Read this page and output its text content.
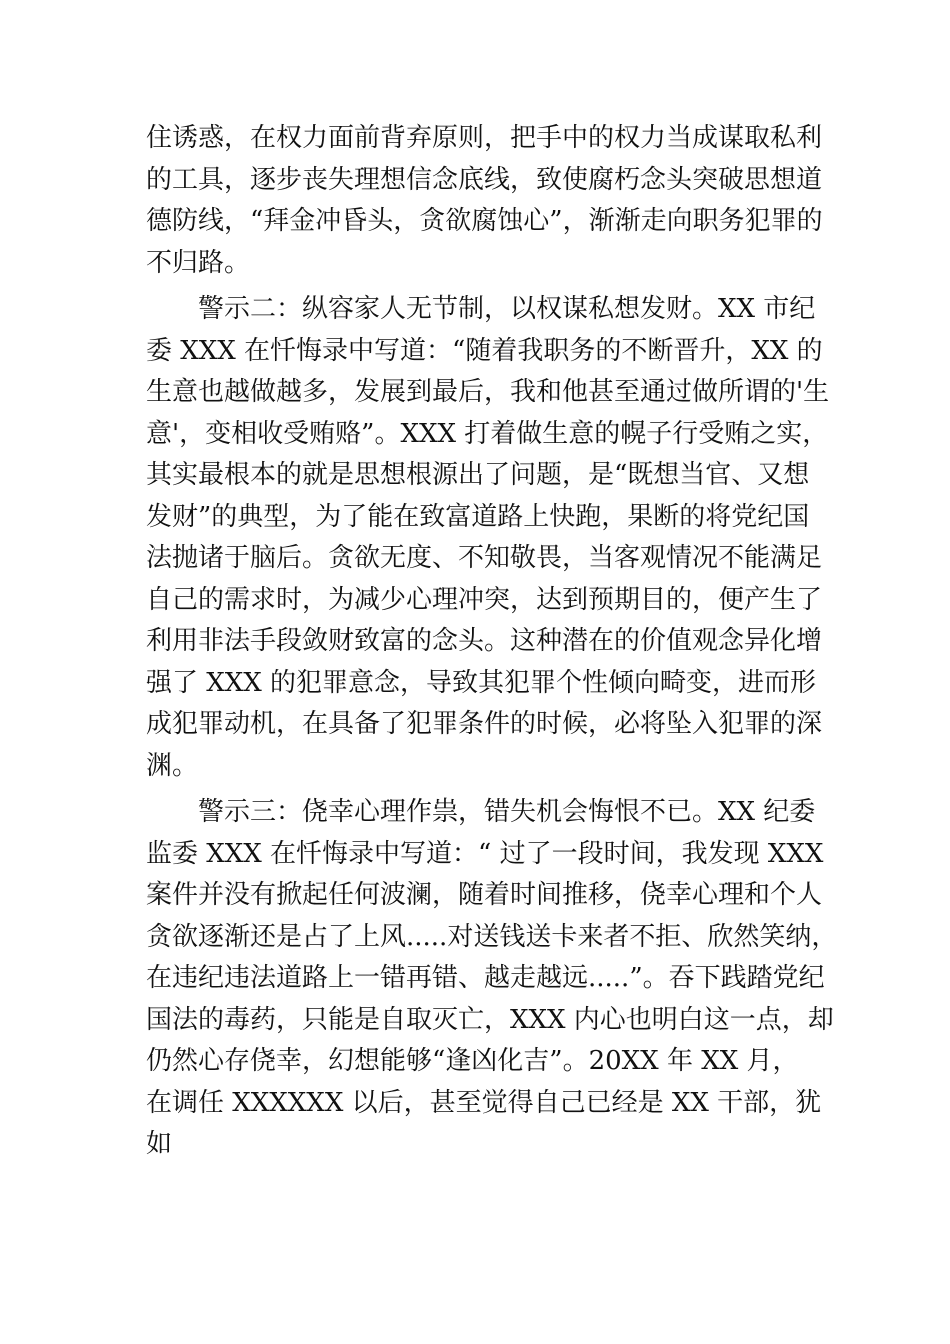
住诱惑，在权力面前背弃原则，把手中的权力当成谋取私利
的工具，逐步丧失理想信念底线，致使腐朽念头突破思想道
德防线，“拜金冲昏头，贪欲腐蚀心”，渐渐走向职务犯罪的
不归路。
　　警示二：纵容家人无节制，以权谋私想发财。XX 市纪
委 XXX 在忏悔录中写道：“随着我职务的不断晋升，XX 的
生意也越做越多，发展到最后，我和他甚至通过做所谓的'生
意'，变相收受贿赂”。XXX 打着做生意的幌子行受贿之实，
其实最根本的就是思想根源出了问题，是“既想当官、又想
发财”的典型，为了能在致富道路上快跑，果断的将党纪国
法抛诸于脑后。贪欲无度、不知敬畏，当客观情况不能满足
自己的需求时，为减少心理冲突，达到预期目的，便产生了
利用非法手段敛财致富的念头。这种潜在的价值观念异化增
强了 XXX 的犯罪意念，导致其犯罪个性倾向畸变，进而形
成犯罪动机，在具备了犯罪条件的时候，必将坠入犯罪的深
渊。
　　警示三：侥幸心理作祟，错失机会悔恨不已。XX 纪委
监委 XXX 在忏悔录中写道：“ 过了一段时间，我发现 XXX
案件并没有掀起任何波澜，随着时间推移，侥幸心理和个人
贪欲逐渐还是占了上风.....对送钱送卡来者不拒、欣然笑纳，
在违纪违法道路上一错再错、越走越远.....”。吞下践踏党纪
国法的毒药，只能是自取灭亡，XXX 内心也明白这一点，却
仍然心存侥幸，幻想能够“逢凶化吉”。20XX 年 XX 月，
在调任 XXXXXX 以后，甚至觉得自己已经是 XX 干部，犹
如
